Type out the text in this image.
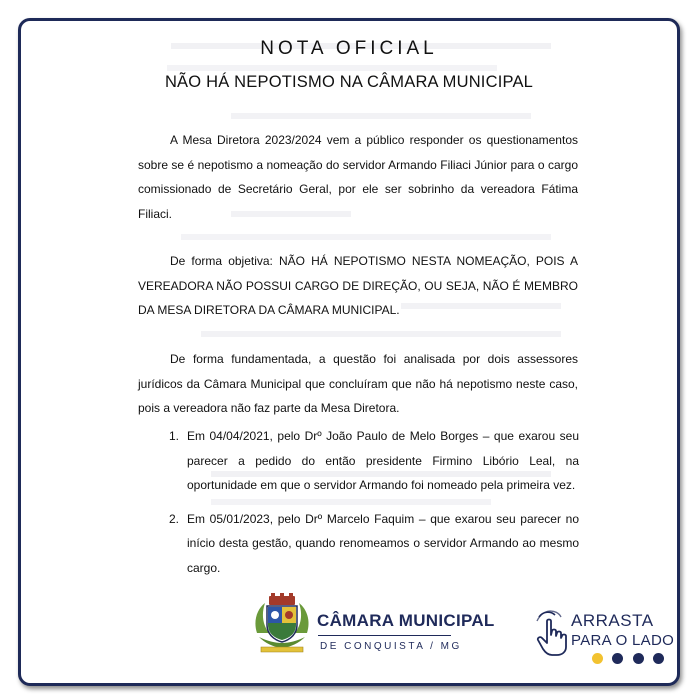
NOTA OFICIAL
NÃO HÁ NEPOTISMO NA CÂMARA MUNICIPAL

A Mesa Diretora 2023/2024 vem a público responder os questionamentos sobre se é nepotismo a nomeação do servidor Armando Filiaci Júnior para o cargo comissionado de Secretário Geral, por ele ser sobrinho da vereadora Fátima Filiaci.

De forma objetiva: NÃO HÁ NEPOTISMO NESTA NOMEAÇÃO, POIS A VEREADORA NÃO POSSUI CARGO DE DIREÇÃO, OU SEJA, NÃO É MEMBRO DA MESA DIRETORA DA CÂMARA MUNICIPAL.

De forma fundamentada, a questão foi analisada por dois assessores jurídicos da Câmara Municipal que concluíram que não há nepotismo neste caso, pois a vereadora não faz parte da Mesa Diretora.

1. Em 04/04/2021, pelo Drº João Paulo de Melo Borges – que exarou seu parecer a pedido do então presidente Firmino Libório Leal, na oportunidade em que o servidor Armando foi nomeado pela primeira vez.
2. Em 05/01/2023, pelo Drº Marcelo Faquim – que exarou seu parecer no início desta gestão, quando renomeamos o servidor Armando ao mesmo cargo.
CÂMARA MUNICIPAL
DE CONQUISTA / MG
ARRASTA
PARA O LADO
